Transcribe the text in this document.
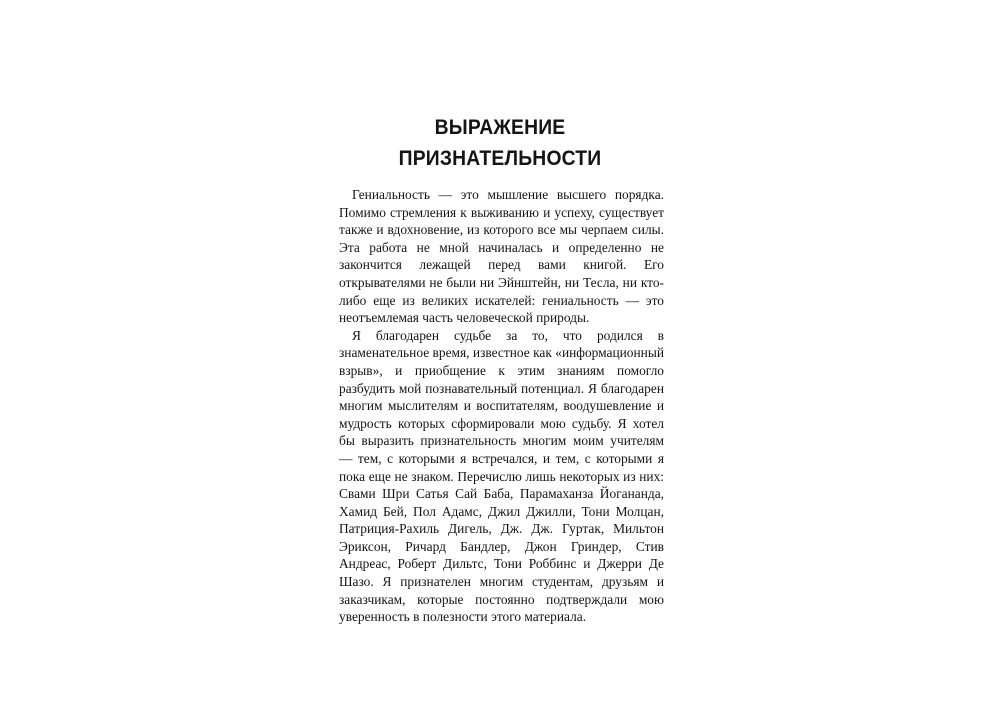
ВЫРАЖЕНИЕ
ПРИЗНАТЕЛЬНОСТИ

Гениальность — это мышление высшего порядка. Помимо стремления к выживанию и успеху, существует также и вдохновение, из которого все мы черпаем силы. Эта работа не мной начиналась и определенно не закончится лежащей перед вами книгой. Его открывателями не были ни Эйнштейн, ни Тесла, ни кто-либо еще из великих искателей: гениальность — это неотъемлемая часть человеческой природы.

Я благодарен судьбе за то, что родился в знаменательное время, известное как «информационный взрыв», и приобщение к этим знаниям помогло разбудить мой познавательный потенциал. Я благодарен многим мыслителям и воспитателям, воодушевление и мудрость которых сформировали мою судьбу. Я хотел бы выразить признательность многим моим учителям — тем, с которыми я встречался, и тем, с которыми я пока еще не знаком. Перечислю лишь некоторых из них: Свами Шри Сатья Сай Баба, Парамаханза Йогананда, Хамид Бей, Пол Адамс, Джил Джилли, Тони Молцан, Патриция-Рахиль Дигель, Дж. Дж. Гуртак, Мильтон Эриксон, Ричард Бандлер, Джон Гриндер, Стив Андреас, Роберт Дильтс, Тони Роббинс и Джерри Де Шазо. Я признателен многим студентам, друзьям и заказчикам, которые постоянно подтверждали мою уверенность в полезности этого материала.
